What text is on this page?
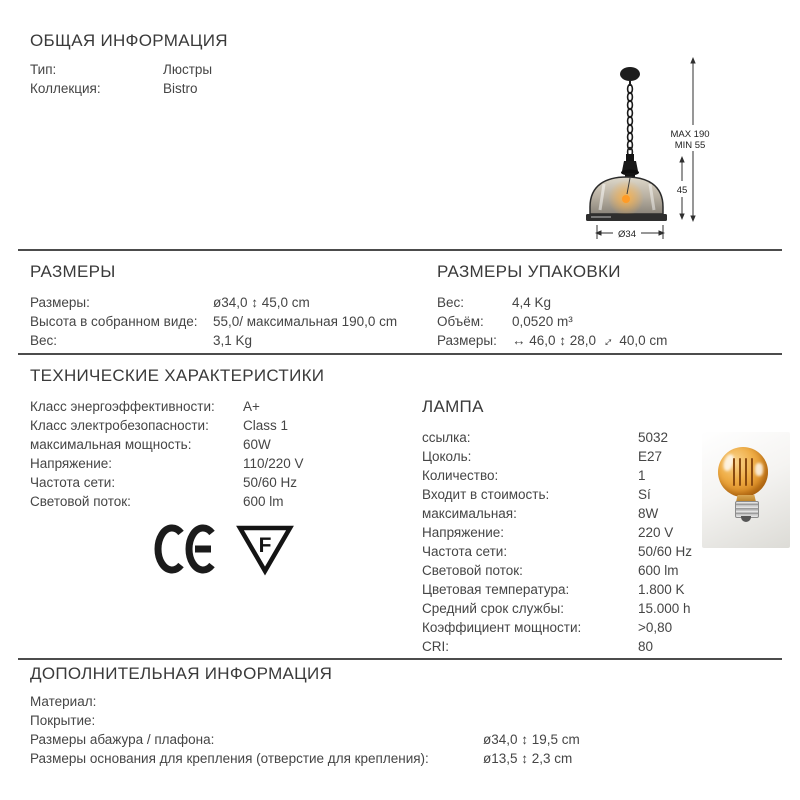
ОБЩАЯ ИНФОРМАЦИЯ
Тип:	Люстры
Коллекция:	Bistro
MAX 190
MIN 55
45
Ø34
РАЗМЕРЫ
Размеры:	ø34,0 ↕ 45,0 cm
Высота в собранном виде:	55,0/ максимальная 190,0 cm
Вес:	3,1 Kg
РАЗМЕРЫ УПАКОВКИ
Вес:	4,4 Kg
Объём:	0,0520 m³
Размеры:	↔ 46,0 ↕ 28,0↔ 40,0 cm
ТЕХНИЧЕСКИЕ ХАРАКТЕРИСТИКИ
Класс энергоэффективности:	A+
Класс электробезопасности:	Class 1
максимальная мощность:	60W
Напряжение:	110/220 V
Частота сети:	50/60 Hz
Световой поток:	600 lm
F
ЛАМПА
ссылка:	5032
Цоколь:	E27
Количество:	1
Входит в стоимость:	Sí
максимальная:	8W
Напряжение:	220 V
Частота сети:	50/60 Hz
Световой поток:	600 lm
Цветовая температура:	1.800 K
Средний срок службы:	15.000 h
Коэффициент мощности:	>0,80
CRI:	80
ДОПОЛНИТЕЛЬНАЯ ИНФОРМАЦИЯ
Материал:
Покрытие:
Размеры абажура / плафона:	ø34,0 ↕ 19,5 cm
Размеры основания для крепления (отверстие для крепления):	ø13,5 ↕ 2,3 cm
